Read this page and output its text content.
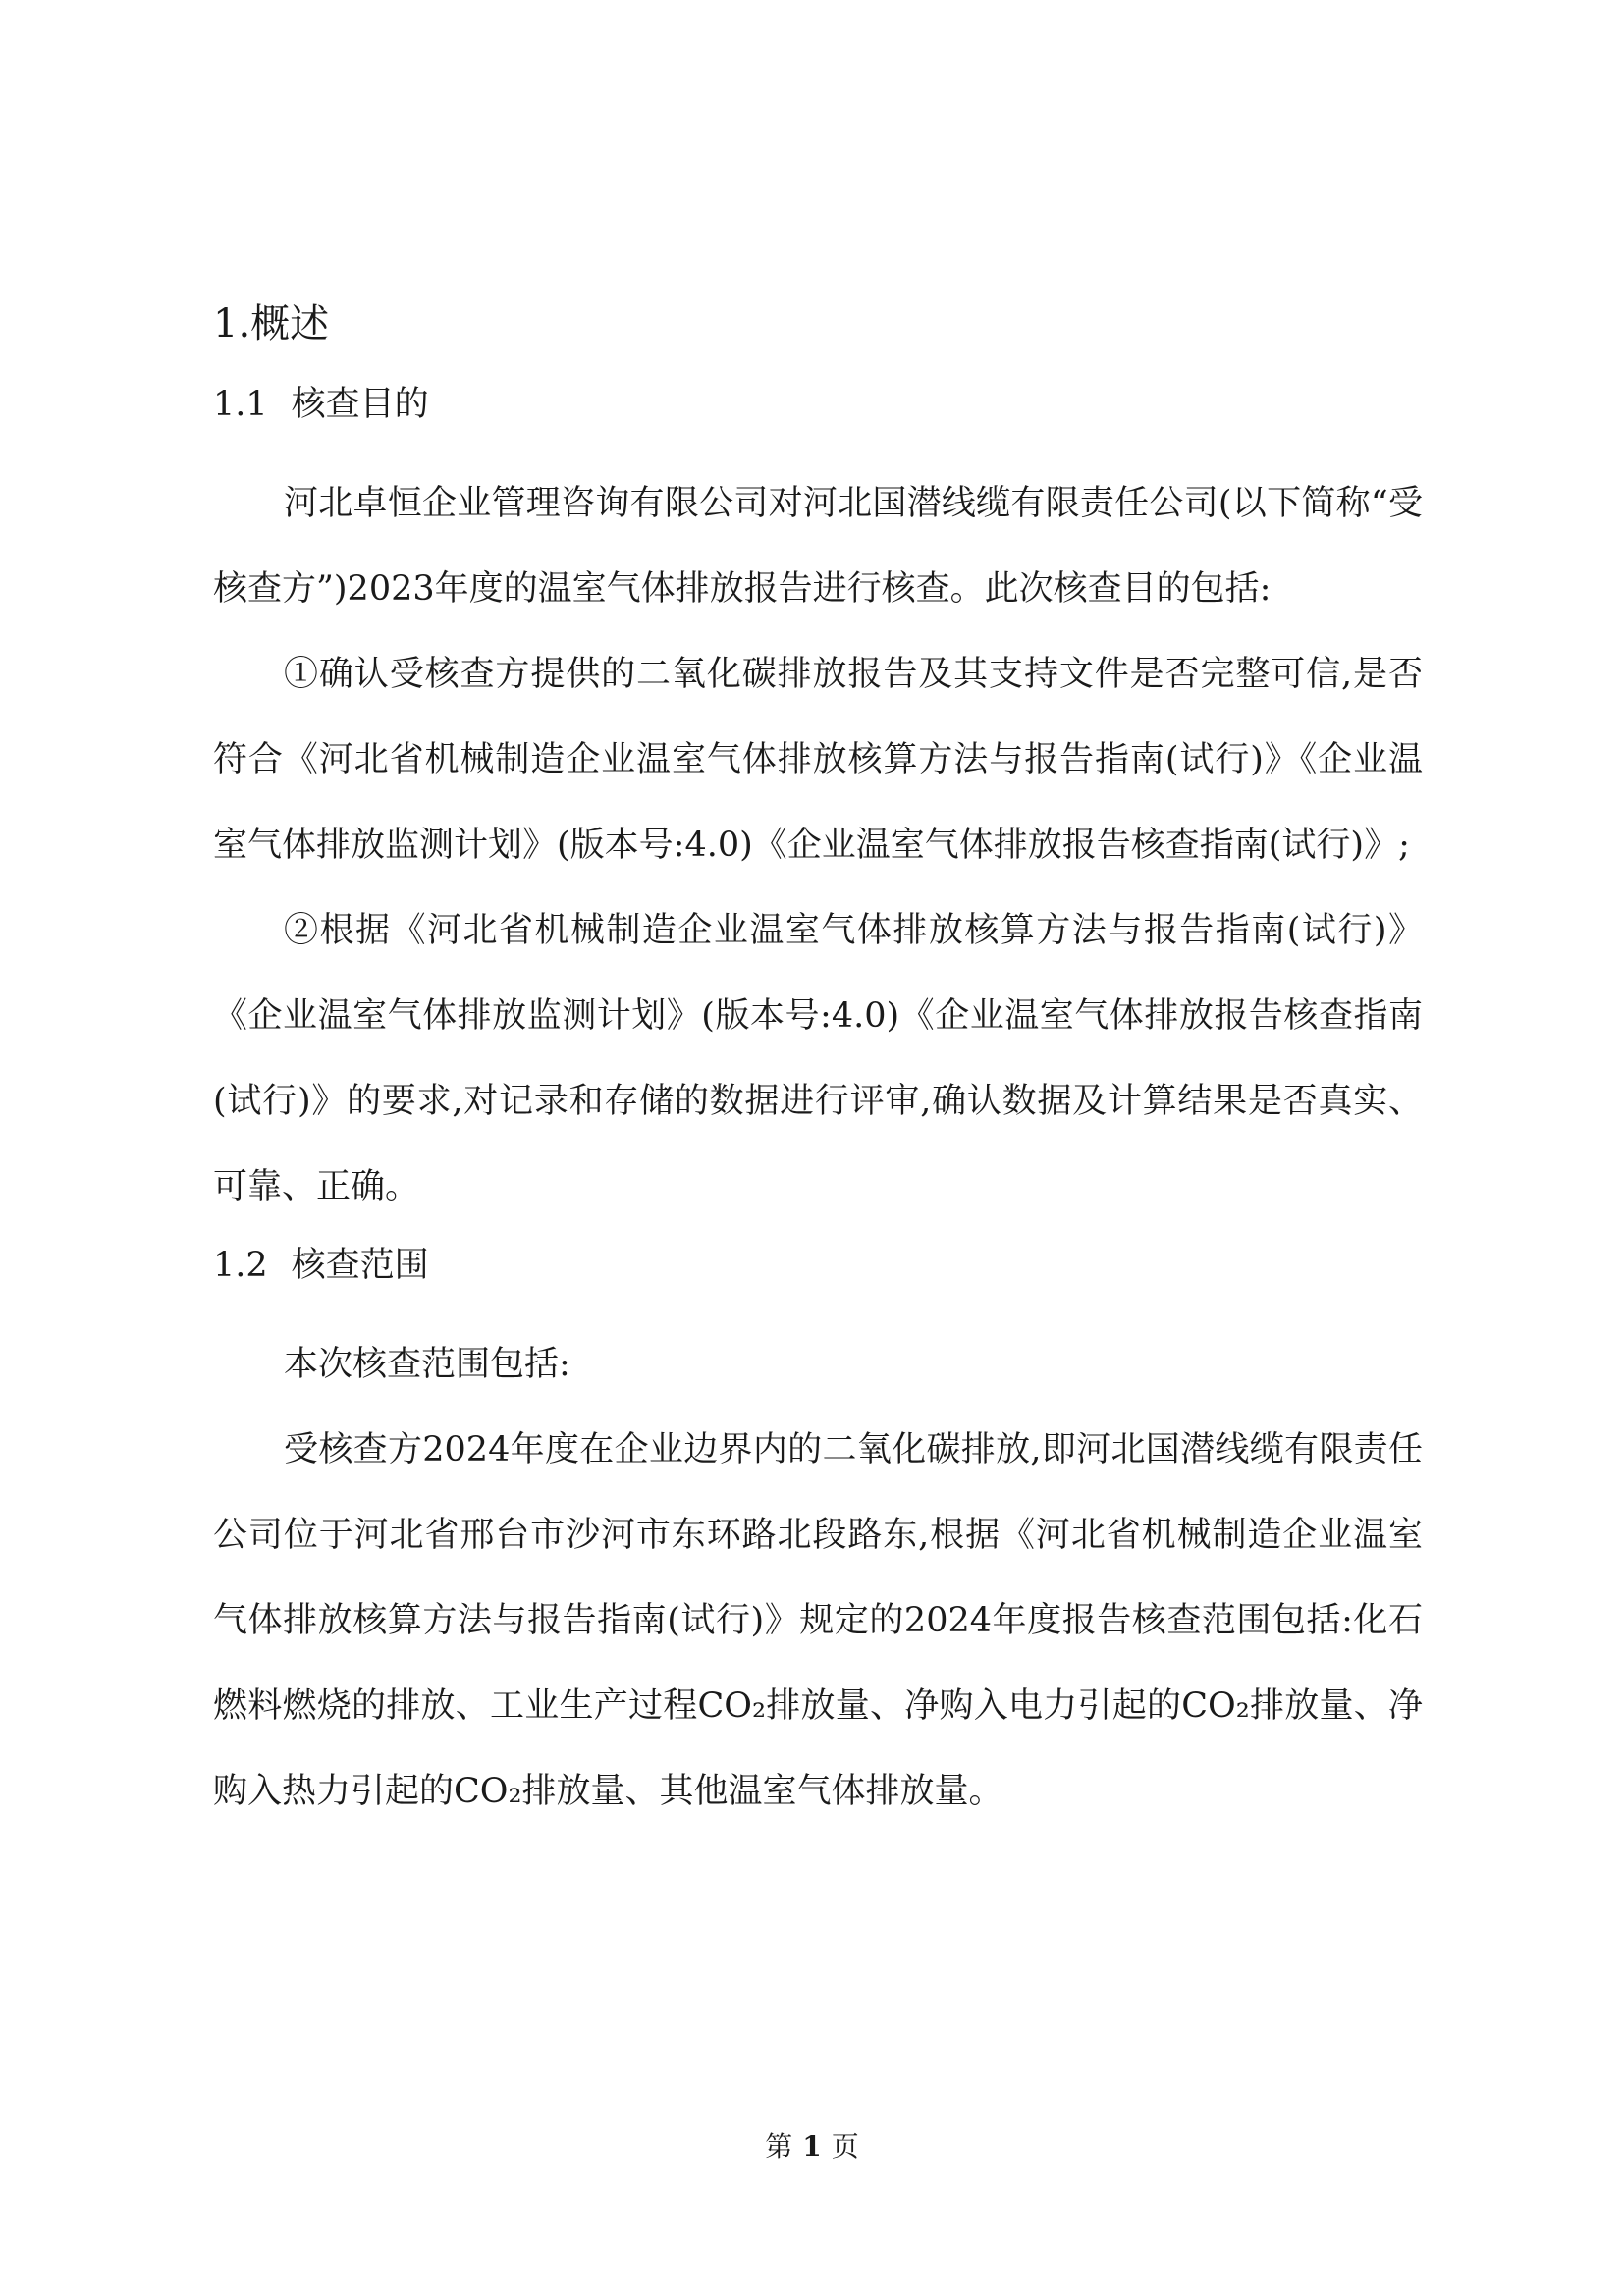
1.概述
1.1 核查目的

河北卓恒企业管理咨询有限公司对河北国潜线缆有限责任公司(以下简称“受核查方”)2023年度的温室气体排放报告进行核查。此次核查目的包括:

①确认受核查方提供的二氧化碳排放报告及其支持文件是否完整可信,是否符合《河北省机械制造企业温室气体排放核算方法与报告指南(试行)》《企业温室气体排放监测计划》(版本号:4.0)《企业温室气体排放报告核查指南(试行)》;

②根据《河北省机械制造企业温室气体排放核算方法与报告指南(试行)》《企业温室气体排放监测计划》(版本号:4.0)《企业温室气体排放报告核查指南(试行)》的要求,对记录和存储的数据进行评审,确认数据及计算结果是否真实、可靠、正确。

1.2 核查范围

本次核查范围包括:

受核查方2024年度在企业边界内的二氧化碳排放,即河北国潜线缆有限责任公司位于河北省邢台市沙河市东环路北段路东,根据《河北省机械制造企业温室气体排放核算方法与报告指南(试行)》规定的2024年度报告核查范围包括:化石燃料燃烧的排放、工业生产过程CO₂排放量、净购入电力引起的CO₂排放量、净购入热力引起的CO₂排放量、其他温室气体排放量。

第 1 页
